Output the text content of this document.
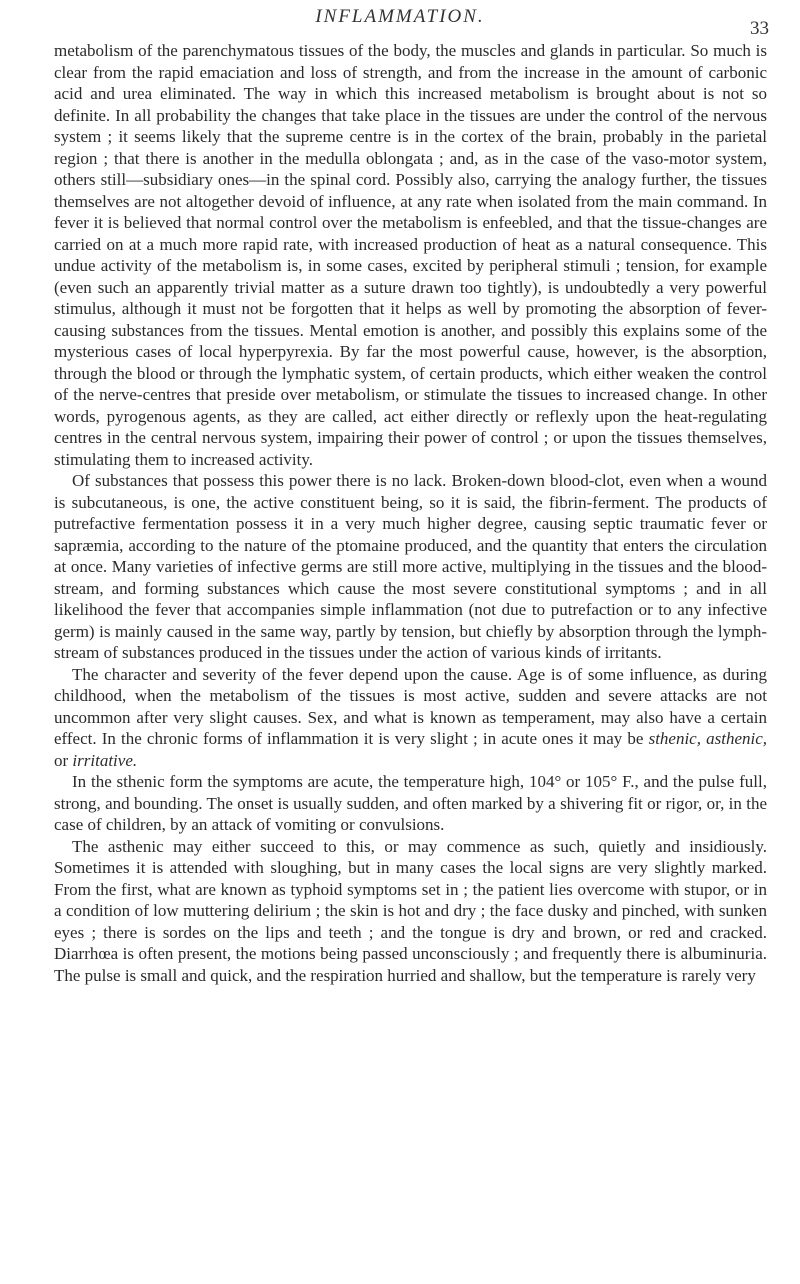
INFLAMMATION.
33

metabolism of the parenchymatous tissues of the body, the muscles and glands in particular. So much is clear from the rapid emaciation and loss of strength, and from the increase in the amount of carbonic acid and urea eliminated. The way in which this increased metabolism is brought about is not so definite. In all probability the changes that take place in the tissues are under the control of the nervous system ; it seems likely that the supreme centre is in the cortex of the brain, probably in the parietal region ; that there is another in the medulla oblongata ; and, as in the case of the vaso-motor system, others still—subsidiary ones—in the spinal cord. Possibly also, carrying the analogy further, the tissues themselves are not altogether devoid of influence, at any rate when isolated from the main command. In fever it is believed that normal control over the metabolism is enfeebled, and that the tissue-changes are carried on at a much more rapid rate, with increased production of heat as a natural consequence. This undue activity of the metabolism is, in some cases, excited by peripheral stimuli ; tension, for example (even such an apparently trivial matter as a suture drawn too tightly), is undoubtedly a very powerful stimulus, although it must not be forgotten that it helps as well by promoting the absorption of fever-causing substances from the tissues. Mental emotion is another, and possibly this explains some of the mysterious cases of local hyperpyrexia. By far the most powerful cause, however, is the absorption, through the blood or through the lymphatic system, of certain products, which either weaken the control of the nerve-centres that preside over metabolism, or stimulate the tissues to increased change. In other words, pyrogenous agents, as they are called, act either directly or reflexly upon the heat-regulating centres in the central nervous system, impairing their power of control ; or upon the tissues themselves, stimulating them to increased activity.

Of substances that possess this power there is no lack. Broken-down blood-clot, even when a wound is subcutaneous, is one, the active constituent being, so it is said, the fibrin-ferment. The products of putrefactive fermentation possess it in a very much higher degree, causing septic traumatic fever or sapræmia, according to the nature of the ptomaine produced, and the quantity that enters the circulation at once. Many varieties of infective germs are still more active, multiplying in the tissues and the blood-stream, and forming substances which cause the most severe constitutional symptoms ; and in all likelihood the fever that accompanies simple inflammation (not due to putrefaction or to any infective germ) is mainly caused in the same way, partly by tension, but chiefly by absorption through the lymph-stream of substances produced in the tissues under the action of various kinds of irritants.

The character and severity of the fever depend upon the cause. Age is of some influence, as during childhood, when the metabolism of the tissues is most active, sudden and severe attacks are not uncommon after very slight causes. Sex, and what is known as temperament, may also have a certain effect. In the chronic forms of inflammation it is very slight ; in acute ones it may be sthenic, asthenic, or irritative.

In the sthenic form the symptoms are acute, the temperature high, 104° or 105° F., and the pulse full, strong, and bounding. The onset is usually sudden, and often marked by a shivering fit or rigor, or, in the case of children, by an attack of vomiting or convulsions.

The asthenic may either succeed to this, or may commence as such, quietly and insidiously. Sometimes it is attended with sloughing, but in many cases the local signs are very slightly marked. From the first, what are known as typhoid symptoms set in ; the patient lies overcome with stupor, or in a condition of low muttering delirium ; the skin is hot and dry ; the face dusky and pinched, with sunken eyes ; there is sordes on the lips and teeth ; and the tongue is dry and brown, or red and cracked. Diarrhœa is often present, the motions being passed unconsciously ; and frequently there is albuminuria. The pulse is small and quick, and the respiration hurried and shallow, but the temperature is rarely very
